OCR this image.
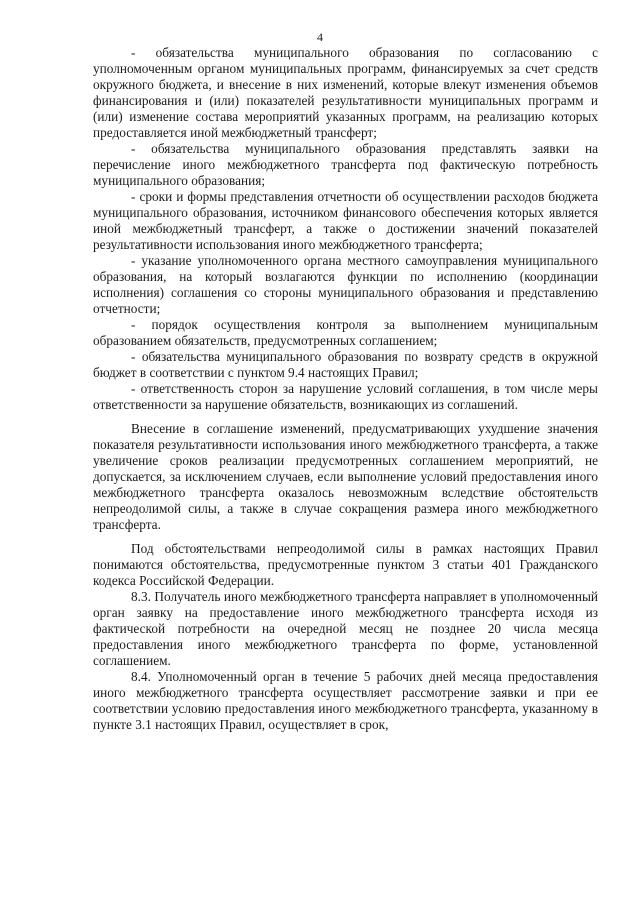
4

- обязательства муниципального образования по согласованию с уполномоченным органом муниципальных программ, финансируемых за счет средств окружного бюджета, и внесение в них изменений, которые влекут изменения объемов финансирования и (или) показателей результативности муниципальных программ и (или) изменение состава мероприятий указанных программ, на реализацию которых предоставляется иной межбюджетный трансферт;

- обязательства муниципального образования представлять заявки на перечисление иного межбюджетного трансферта под фактическую потребность муниципального образования;

- сроки и формы представления отчетности об осуществлении расходов бюджета муниципального образования, источником финансового обеспечения которых является иной межбюджетный трансферт, а также о достижении значений показателей результативности использования иного межбюджетного трансферта;

- указание уполномоченного органа местного самоуправления муниципального образования, на который возлагаются функции по исполнению (координации исполнения) соглашения со стороны муниципального образования и представлению отчетности;

- порядок осуществления контроля за выполнением муниципальным образованием обязательств, предусмотренных соглашением;

- обязательства муниципального образования по возврату средств в окружной бюджет в соответствии с пунктом 9.4 настоящих Правил;

- ответственность сторон за нарушение условий соглашения, в том числе меры ответственности за нарушение обязательств, возникающих из соглашений.

Внесение в соглашение изменений, предусматривающих ухудшение значения показателя результативности использования иного межбюджетного трансферта, а также увеличение сроков реализации предусмотренных соглашением мероприятий, не допускается, за исключением случаев, если выполнение условий предоставления иного межбюджетного трансферта оказалось невозможным вследствие обстоятельств непреодолимой силы, а также в случае сокращения размера иного межбюджетного трансферта.

Под обстоятельствами непреодолимой силы в рамках настоящих Правил понимаются обстоятельства, предусмотренные пунктом 3 статьи 401 Гражданского кодекса Российской Федерации.

8.3. Получатель иного межбюджетного трансферта направляет в уполномоченный орган заявку на предоставление иного межбюджетного трансферта исходя из фактической потребности на очередной месяц не позднее 20 числа месяца предоставления иного межбюджетного трансферта по форме, установленной соглашением.

8.4. Уполномоченный орган в течение 5 рабочих дней месяца предоставления иного межбюджетного трансферта осуществляет рассмотрение заявки и при ее соответствии условию предоставления иного межбюджетного трансферта, указанному в пункте 3.1 настоящих Правил, осуществляет в срок,
